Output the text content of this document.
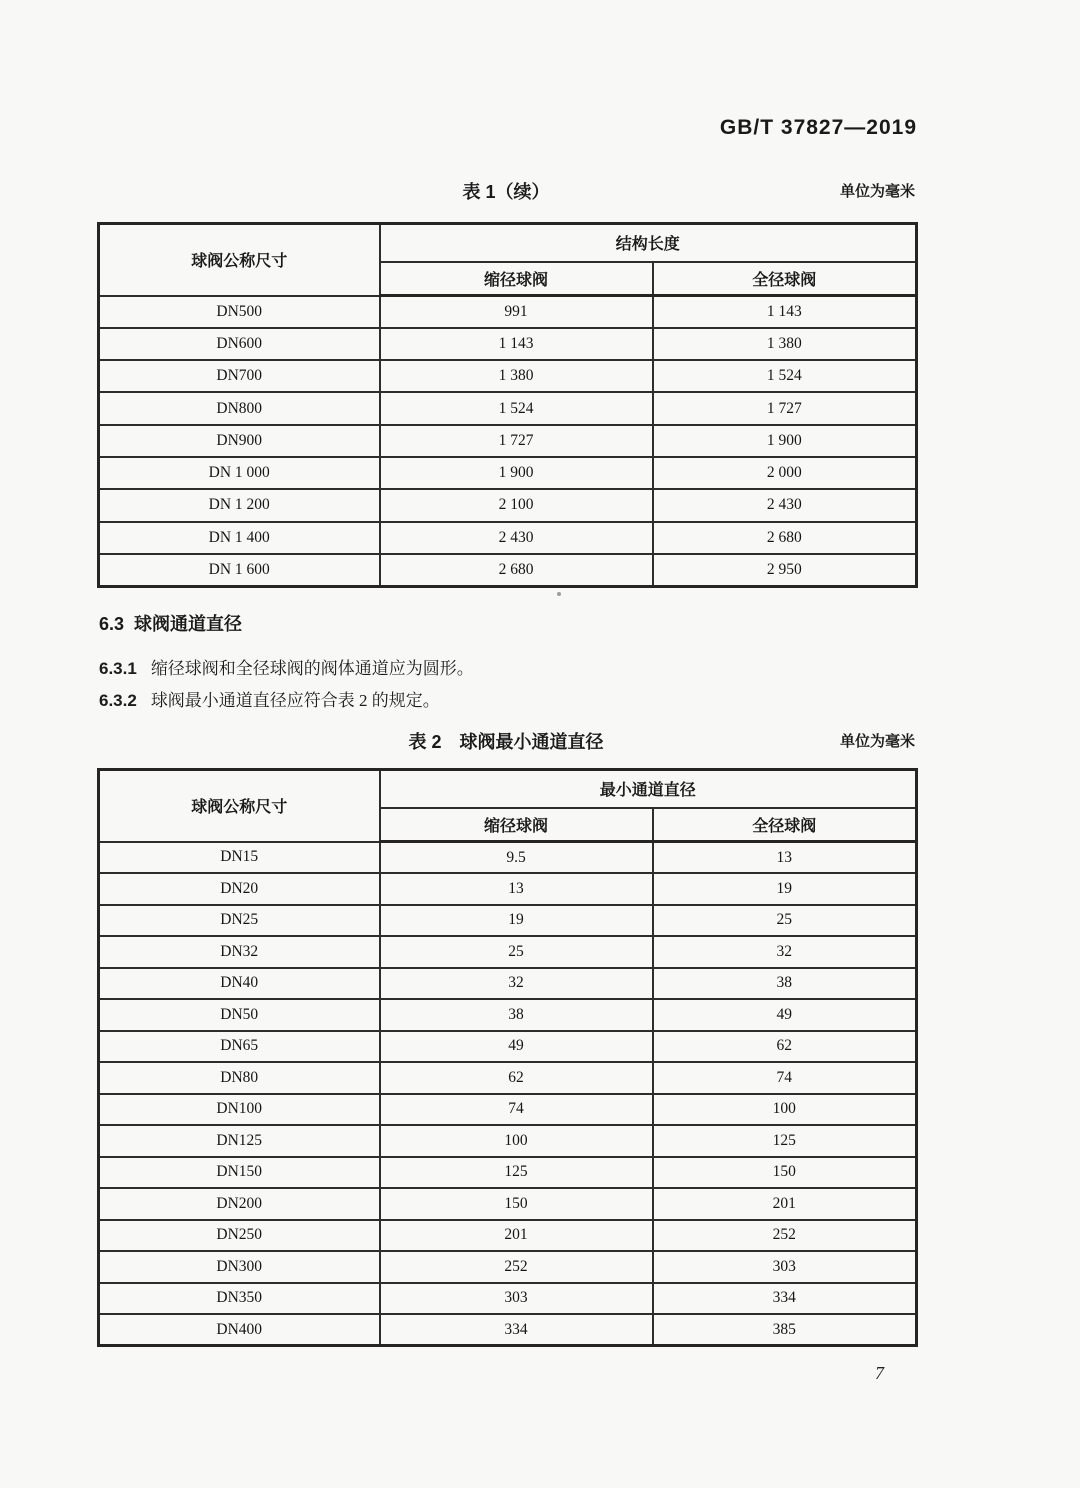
GB/T 37827—2019
表 1（续）	单位为毫米
球阀公称尺寸	结构长度	
	缩径球阀	全径球阀
DN500	991	1 143
DN600	1 143	1 380
DN700	1 380	1 524
DN800	1 524	1 727
DN900	1 727	1 900
DN 1 000	1 900	2 000
DN 1 200	2 100	2 430
DN 1 400	2 430	2 680
DN 1 600	2 680	2 950
6.3 球阀通道直径
6.3.1 缩径球阀和全径球阀的阀体通道应为圆形。
6.3.2 球阀最小通道直径应符合表 2 的规定。
表 2　球阀最小通道直径	单位为毫米
球阀公称尺寸	最小通道直径	
	缩径球阀	全径球阀
DN15	9.5	13
DN20	13	19
DN25	19	25
DN32	25	32
DN40	32	38
DN50	38	49
DN65	49	62
DN80	62	74
DN100	74	100
DN125	100	125
DN150	125	150
DN200	150	201
DN250	201	252
DN300	252	303
DN350	303	334
DN400	334	385
7
